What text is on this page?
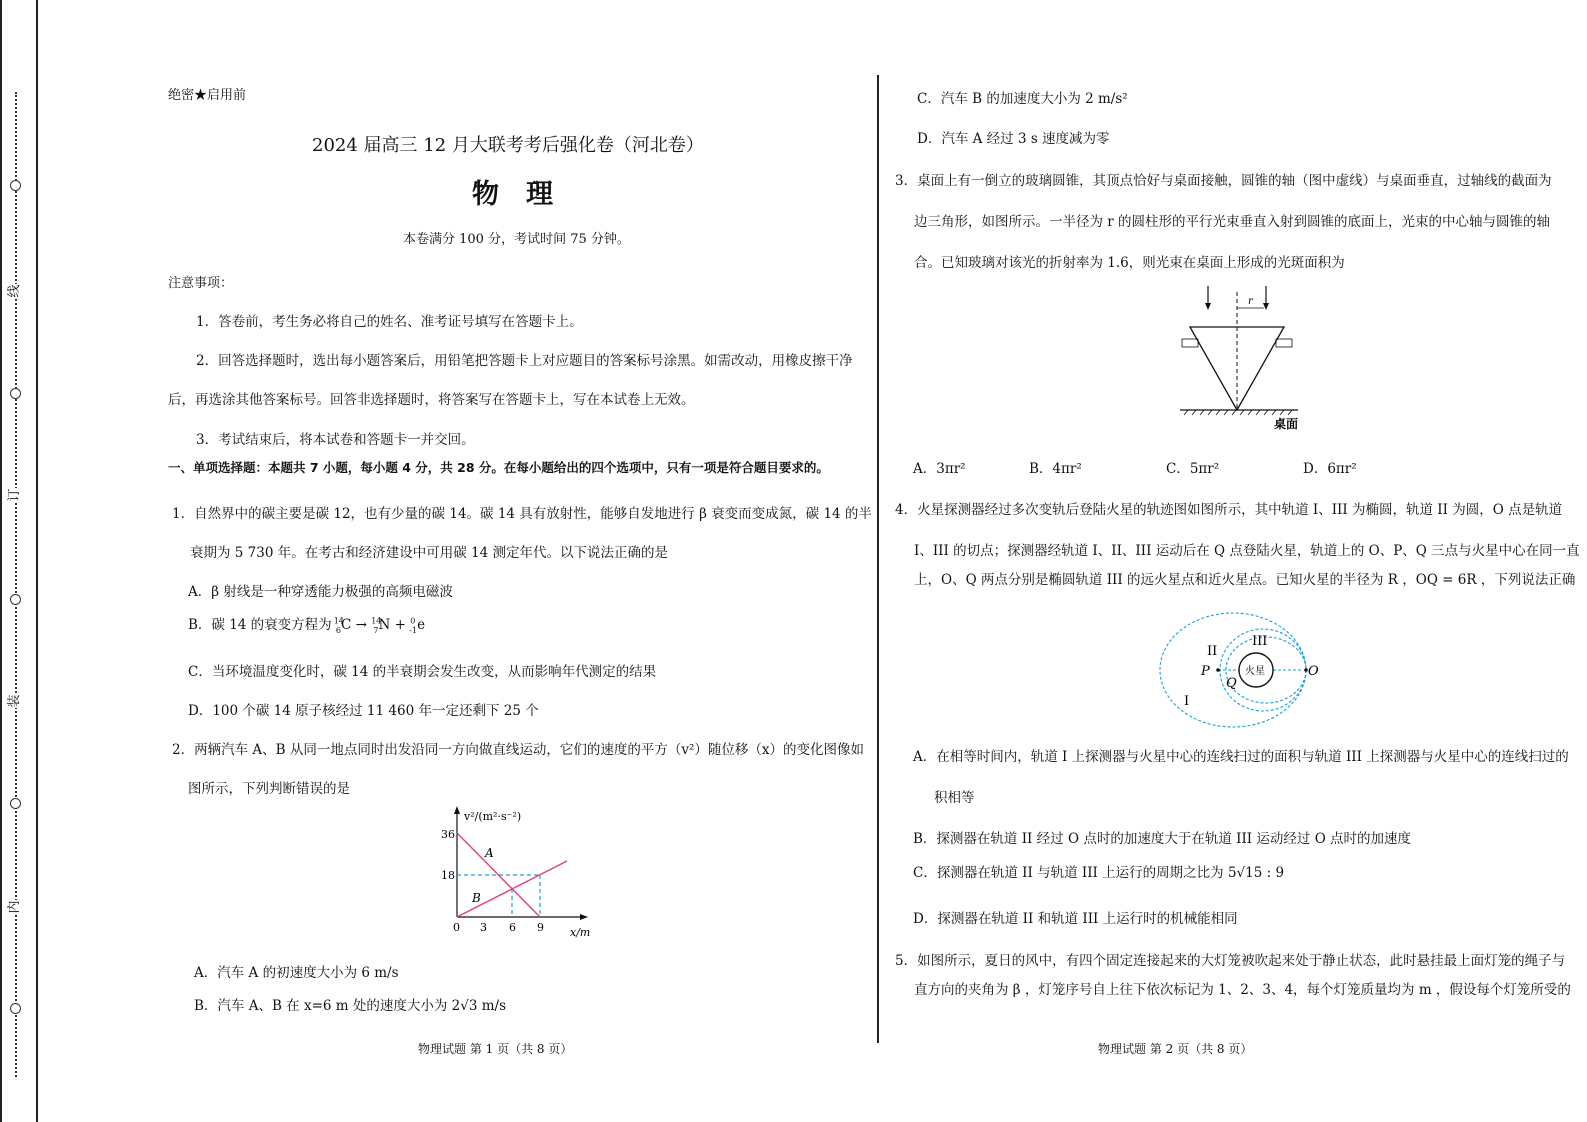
线
订
装
内
绝密★启用前
2024 届高三 12 月大联考考后强化卷（河北卷）
物　理
本卷满分 100 分，考试时间 75 分钟。
注意事项：
1．答卷前，考生务必将自己的姓名、准考证号填写在答题卡上。
2．回答选择题时，选出每小题答案后，用铅笔把答题卡上对应题目的答案标号涂黑。如需改动，用橡皮擦干净
后，再选涂其他答案标号。回答非选择题时，将答案写在答题卡上，写在本试卷上无效。
3．考试结束后，将本试卷和答题卡一并交回。
一、单项选择题：本题共 7 小题，每小题 4 分，共 28 分。在每小题给出的四个选项中，只有一项是符合题目要求的。
1．自然界中的碳主要是碳 12，也有少量的碳 14。碳 14 具有放射性，能够自发地进行 β 衰变而变成氮，碳 14 的半
衰期为 5 730 年。在考古和经济建设中可用碳 14 测定年代。以下说法正确的是
A．β 射线是一种穿透能力极强的高频电磁波
B．碳 14 的衰变方程为 $^{14}_6$C → $^{14}_7$N + $^0_{-1}$e
C．当环境温度变化时，碳 14 的半衰期会发生改变，从而影响年代测定的结果
D．100 个碳 14 原子核经过 11 460 年一定还剩下 25 个
2．两辆汽车 A、B 从同一地点同时出发沿同一方向做直线运动，它们的速度的平方（v²）随位移（x）的变化图像如
图所示，下列判断错误的是
v²/(m²·s⁻²)
x/m
36
18
0 3 6 9
A
B
A．汽车 A 的初速度大小为 6 m/s
B．汽车 A、B 在 x=6 m 处的速度大小为 2√3 m/s
物理试题 第 1 页（共 8 页）
C．汽车 B 的加速度大小为 2 m/s²
D．汽车 A 经过 3 s 速度减为零
3．桌面上有一倒立的玻璃圆锥，其顶点恰好与桌面接触，圆锥的轴（图中虚线）与桌面垂直，过轴线的截面为
边三角形，如图所示。一半径为 r 的圆柱形的平行光束垂直入射到圆锥的底面上，光束的中心轴与圆锥的轴
合。已知玻璃对该光的折射率为 1.6，则光束在桌面上形成的光斑面积为
r
桌面
A．3πr²	B．4πr²	C．5πr²	D．6πr²
4．火星探测器经过多次变轨后登陆火星的轨迹图如图所示，其中轨道 I、III 为椭圆，轨道 II 为圆，O 点是轨道
I、III 的切点；探测器经轨道 I、II、III 运动后在 Q 点登陆火星，轨道上的 O、P、Q 三点与火星中心在同一直
上，O、Q 两点分别是椭圆轨道 III 的远火星点和近火星点。已知火星的半径为 R ，OQ = 6R ，下列说法正确
火星
P
Q
O
II
III
I
A．在相等时间内，轨道 I 上探测器与火星中心的连线扫过的面积与轨道 III 上探测器与火星中心的连线扫过的
积相等
B．探测器在轨道 II 经过 O 点时的加速度大于在轨道 III 运动经过 O 点时的加速度
C．探测器在轨道 II 与轨道 III 上运行的周期之比为 5√15 : 9
D．探测器在轨道 II 和轨道 III 上运行时的机械能相同
5．如图所示，夏日的风中，有四个固定连接起来的大灯笼被吹起来处于静止状态，此时悬挂最上面灯笼的绳子与
直方向的夹角为 β ，灯笼序号自上往下依次标记为 1、2、3、4，每个灯笼质量均为 m ，假设每个灯笼所受的
物理试题 第 2 页（共 8 页）
